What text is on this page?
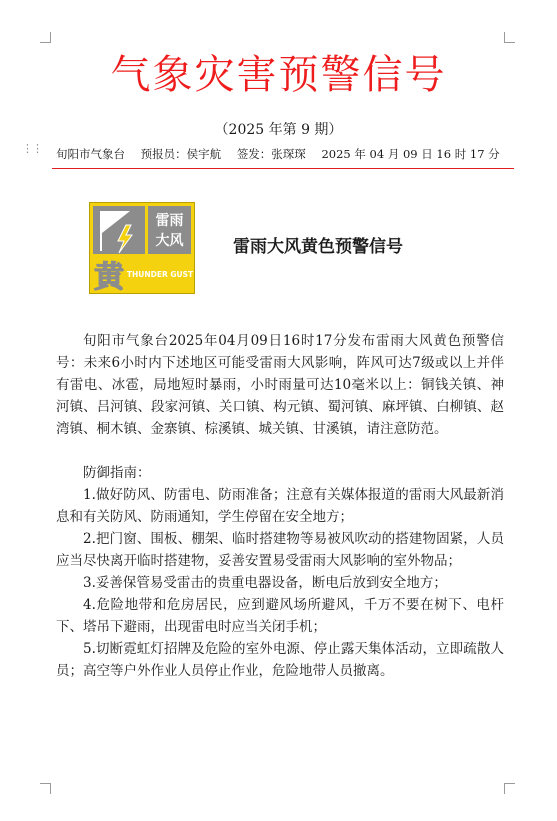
气象灾害预警信号
（2025 年第 9 期）
⋮⋮ 旬阳市气象台 预报员：侯宇航 签发：张琛琛 2025 年 04 月 09 日 16 时 17 分
雷雨
大风
黄 THUNDER GUST
雷雨大风黄色预警信号

旬阳市气象台2025年04月09日16时17分发布雷雨大风黄色预警信号：未来6小时内下述地区可能受雷雨大风影响，阵风可达7级或以上并伴有雷电、冰雹，局地短时暴雨，小时雨量可达10毫米以上：铜钱关镇、神河镇、吕河镇、段家河镇、关口镇、构元镇、蜀河镇、麻坪镇、白柳镇、赵湾镇、桐木镇、金寨镇、棕溪镇、城关镇、甘溪镇，请注意防范。

防御指南：

1.做好防风、防雷电、防雨准备；注意有关媒体报道的雷雨大风最新消息和有关防风、防雨通知，学生停留在安全地方；

2.把门窗、围板、棚架、临时搭建物等易被风吹动的搭建物固紧，人员应当尽快离开临时搭建物，妥善安置易受雷雨大风影响的室外物品；

3.妥善保管易受雷击的贵重电器设备，断电后放到安全地方；

4.危险地带和危房居民，应到避风场所避风，千万不要在树下、电杆下、塔吊下避雨，出现雷电时应当关闭手机；

5.切断霓虹灯招牌及危险的室外电源、停止露天集体活动，立即疏散人员；高空等户外作业人员停止作业，危险地带人员撤离。
